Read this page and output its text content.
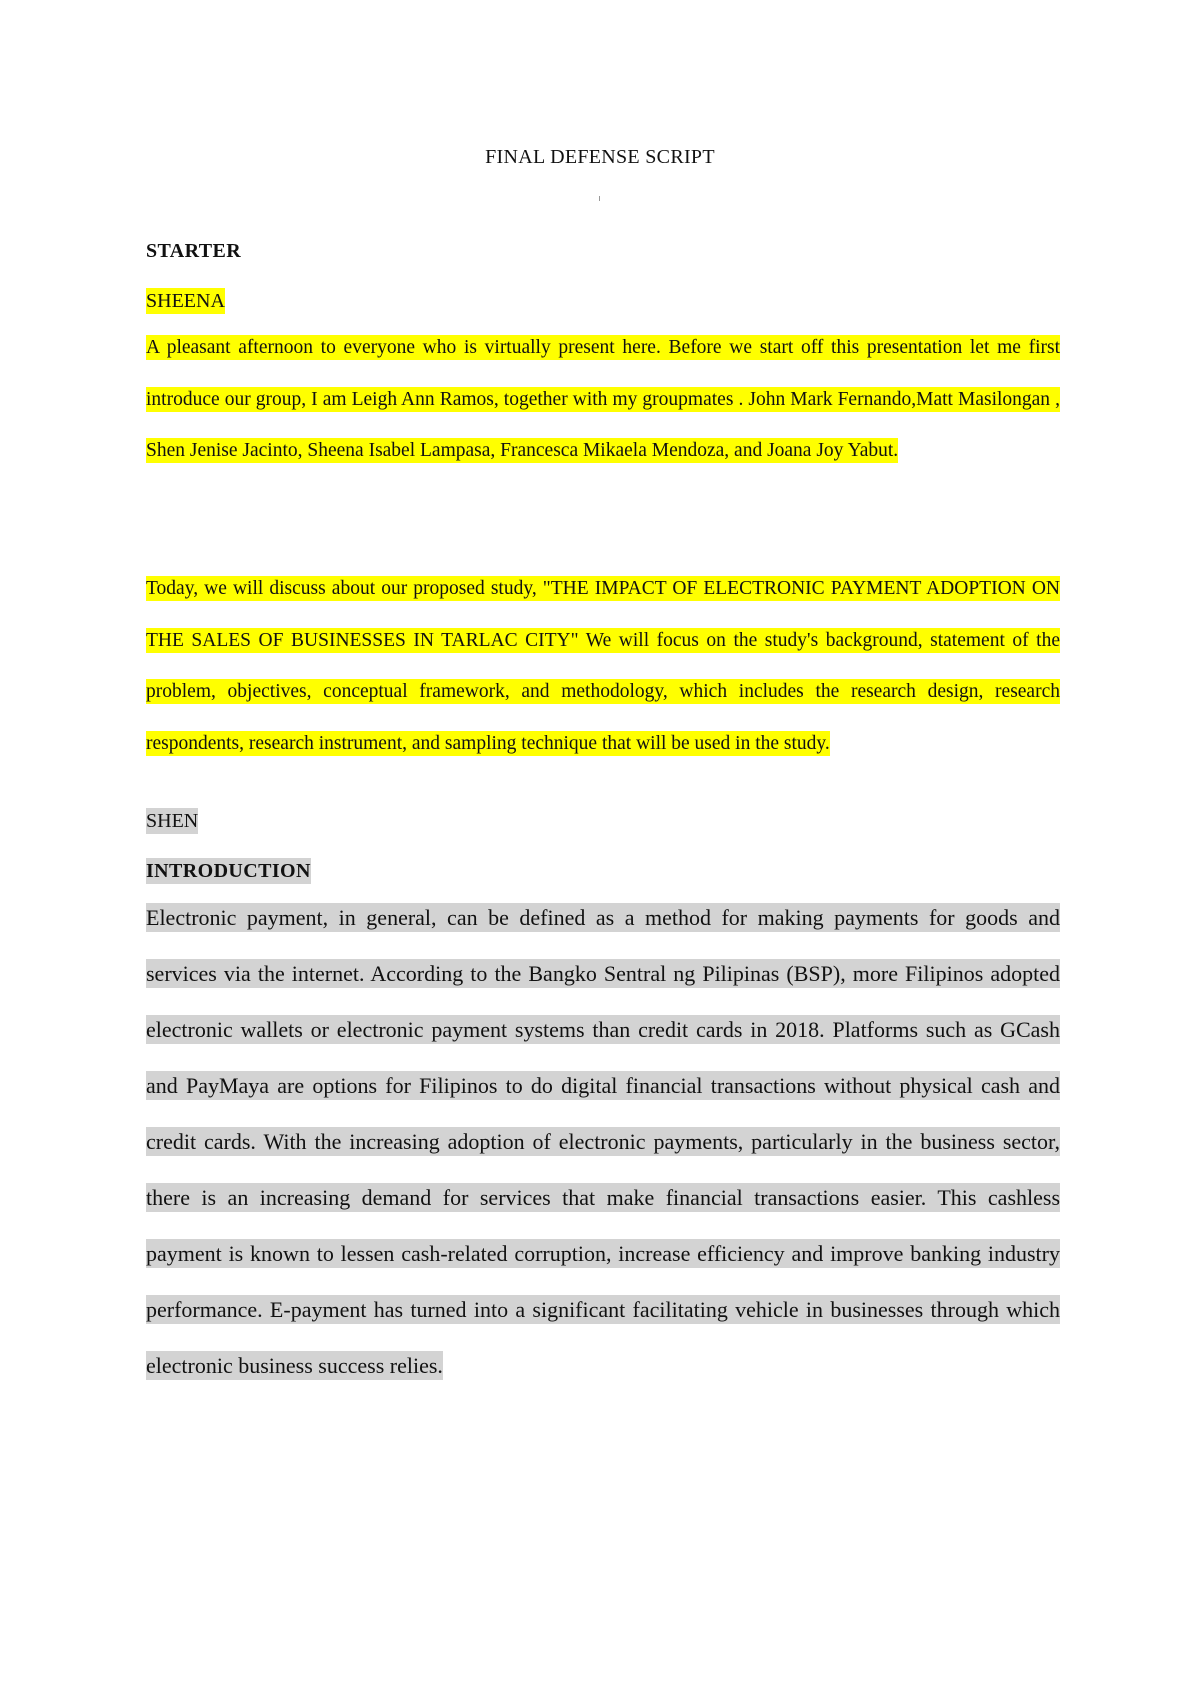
FINAL DEFENSE SCRIPT
STARTER
SHEENA

A pleasant afternoon to everyone who is virtually present here. Before we start off this presentation let me first introduce our group, I am Leigh Ann Ramos, together with my groupmates . John Mark Fernando,Matt Masilongan , Shen Jenise Jacinto, Sheena Isabel Lampasa, Francesca Mikaela Mendoza, and Joana Joy Yabut.

Today, we will discuss about our proposed study, "THE IMPACT OF ELECTRONIC PAYMENT ADOPTION ON THE SALES OF BUSINESSES IN TARLAC CITY" We will focus on the study's background, statement of the problem, objectives, conceptual framework, and methodology, which includes the research design, research respondents, research instrument, and sampling technique that will be used in the study.

SHEN
INTRODUCTION

Electronic payment, in general, can be defined as a method for making payments for goods and services via the internet. According to the Bangko Sentral ng Pilipinas (BSP), more Filipinos adopted electronic wallets or electronic payment systems than credit cards in 2018. Platforms such as GCash and PayMaya are options for Filipinos to do digital financial transactions without physical cash and credit cards. With the increasing adoption of electronic payments, particularly in the business sector, there is an increasing demand for services that make financial transactions easier. This cashless payment is known to lessen cash-related corruption, increase efficiency and improve banking industry performance. E-payment has turned into a significant facilitating vehicle in businesses through which electronic business success relies.
